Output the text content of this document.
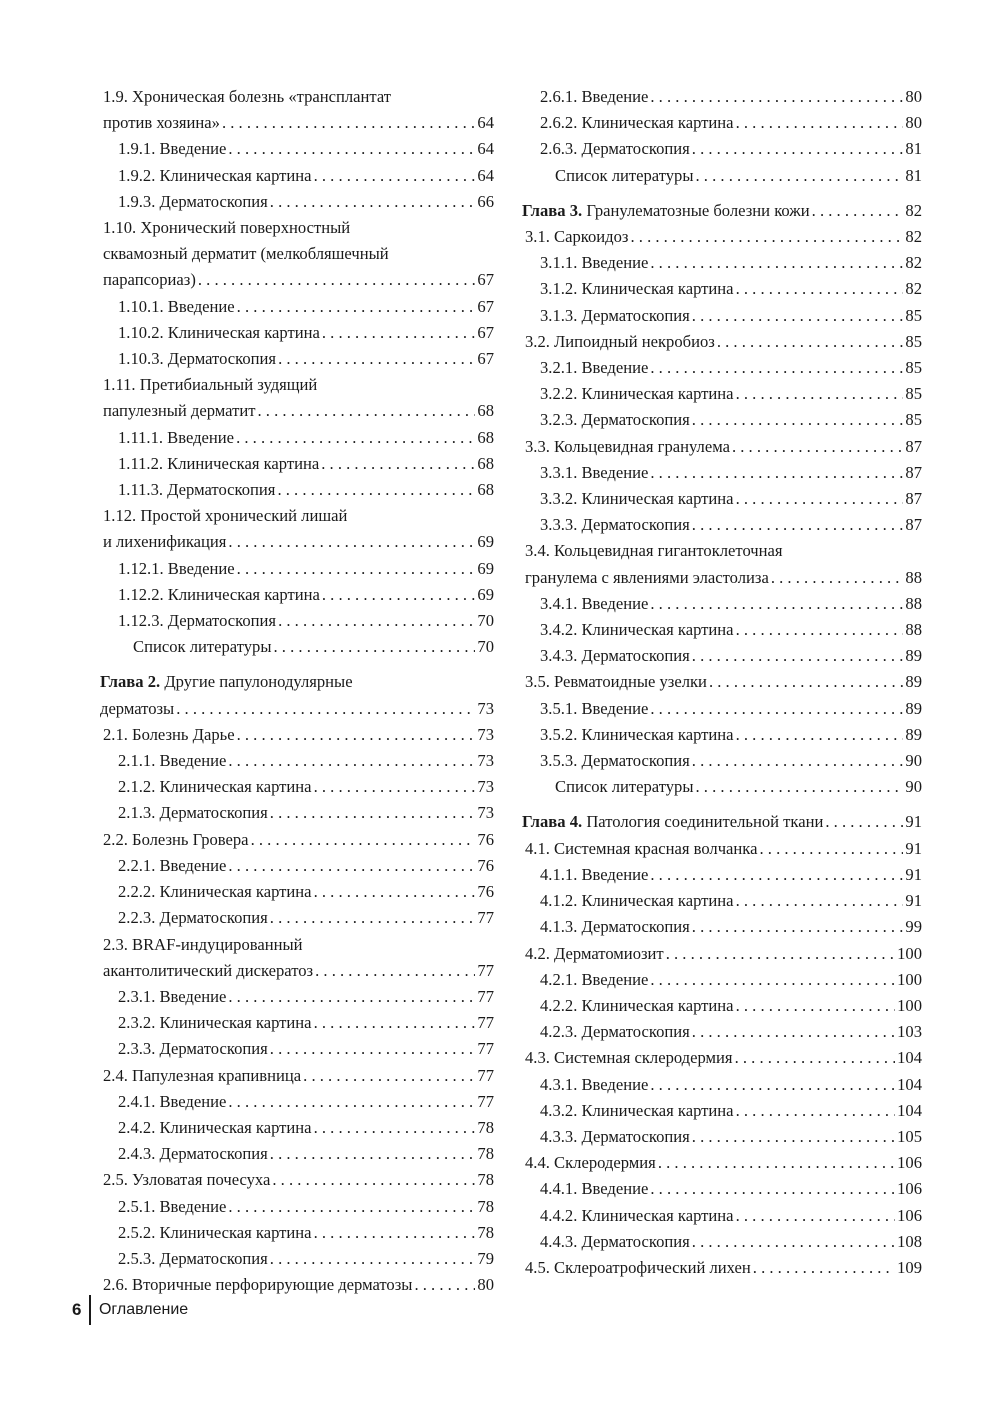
1.9. Хроническая болезнь «трансплантат
против хозяина» . . .	64
1.9.1. Введение . . .	64
1.9.2. Клиническая картина . . .	64
1.9.3. Дерматоскопия . . .	66
1.10. Хронический поверхностный
сквамозный дерматит (мелкобляшечный
парапсориаз) . . .	67
1.10.1. Введение . . .	67
1.10.2. Клиническая картина . . .	67
1.10.3. Дерматоскопия . . .	67
1.11. Претибиальный зудящий
папулезный дерматит . . .	68
1.11.1. Введение . . .	68
1.11.2. Клиническая картина . . .	68
1.11.3. Дерматоскопия . . .	68
1.12. Простой хронический лишай
и лихенификация . . .	69
1.12.1. Введение . . .	69
1.12.2. Клиническая картина . . .	69
1.12.3. Дерматоскопия . . .	70
Список литературы . . .	70
Глава 2. Другие папулонодулярные
дерматозы . . .	73
2.1. Болезнь Дарье . . .	73
2.1.1. Введение . . .	73
2.1.2. Клиническая картина . . .	73
2.1.3. Дерматоскопия . . .	73
2.2. Болезнь Гровера . . .	76
2.2.1. Введение . . .	76
2.2.2. Клиническая картина . . .	76
2.2.3. Дерматоскопия . . .	77
2.3. BRAF-индуцированный
акантолитический дискератоз . . .	77
2.3.1. Введение . . .	77
2.3.2. Клиническая картина . . .	77
2.3.3. Дерматоскопия . . .	77
2.4. Папулезная крапивница . . .	77
2.4.1. Введение . . .	77
2.4.2. Клиническая картина . . .	78
2.4.3. Дерматоскопия . . .	78
2.5. Узловатая почесуха . . .	78
2.5.1. Введение . . .	78
2.5.2. Клиническая картина . . .	78
2.5.3. Дерматоскопия . . .	79
2.6. Вторичные перфорирующие дерматозы . . .	80
2.6.1. Введение . . .	80
2.6.2. Клиническая картина . . .	80
2.6.3. Дерматоскопия . . .	81
Список литературы . . .	81
Глава 3. Гранулематозные болезни кожи . . .	82
3.1. Саркоидоз . . .	82
3.1.1. Введение . . .	82
3.1.2. Клиническая картина . . .	82
3.1.3. Дерматоскопия . . .	85
3.2. Липоидный некробиоз . . .	85
3.2.1. Введение . . .	85
3.2.2. Клиническая картина . . .	85
3.2.3. Дерматоскопия . . .	85
3.3. Кольцевидная гранулема . . .	87
3.3.1. Введение . . .	87
3.3.2. Клиническая картина . . .	87
3.3.3. Дерматоскопия . . .	87
3.4. Кольцевидная гигантоклеточная
гранулема с явлениями эластолиза . . .	88
3.4.1. Введение . . .	88
3.4.2. Клиническая картина . . .	88
3.4.3. Дерматоскопия . . .	89
3.5. Ревматоидные узелки . . .	89
3.5.1. Введение . . .	89
3.5.2. Клиническая картина . . .	89
3.5.3. Дерматоскопия . . .	90
Список литературы . . .	90
Глава 4. Патология соединительной ткани . . .	91
4.1. Системная красная волчанка . . .	91
4.1.1. Введение . . .	91
4.1.2. Клиническая картина . . .	91
4.1.3. Дерматоскопия . . .	99
4.2. Дерматомиозит . . .	100
4.2.1. Введение . . .	100
4.2.2. Клиническая картина . . .	100
4.2.3. Дерматоскопия . . .	103
4.3. Системная склеродермия . . .	104
4.3.1. Введение . . .	104
4.3.2. Клиническая картина . . .	104
4.3.3. Дерматоскопия . . .	105
4.4. Склеродермия . . .	106
4.4.1. Введение . . .	106
4.4.2. Клиническая картина . . .	106
4.4.3. Дерматоскопия . . .	108
4.5. Склероатрофический лихен . . .	109
6	Оглавление
